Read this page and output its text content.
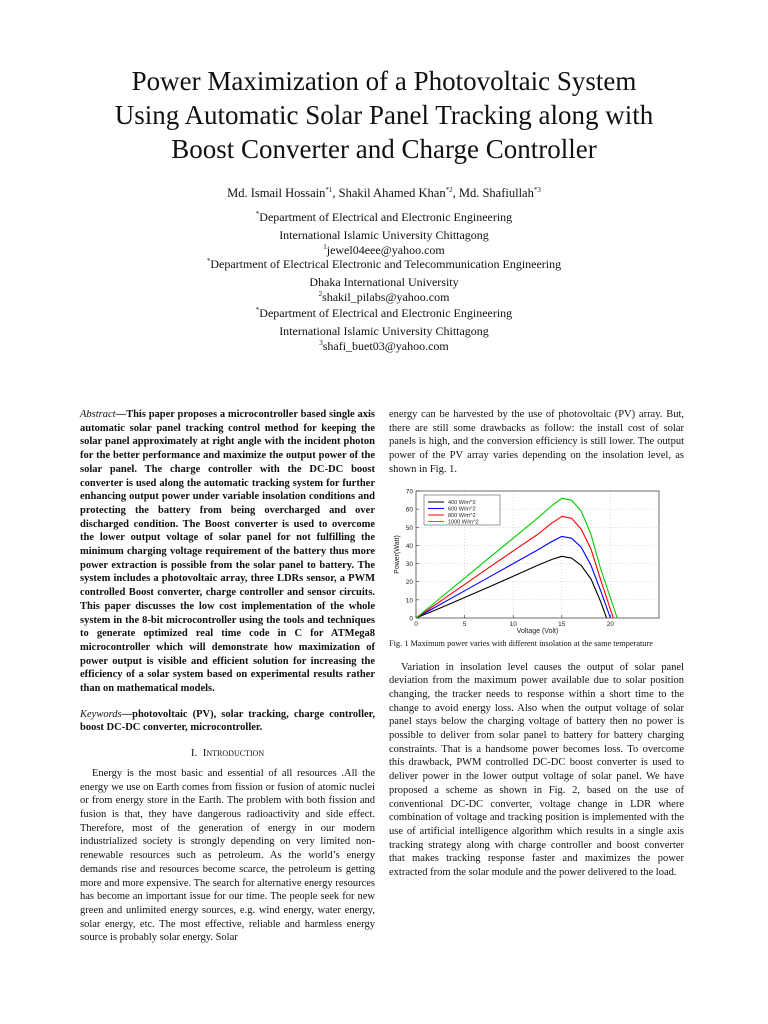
Power Maximization of a Photovoltaic System
Using Automatic Solar Panel Tracking along with
Boost Converter and Charge Controller
Md. Ismail Hossain$^{*1}$, Shakil Ahamed Khan$^{*2}$, Md. Shafiullah$^{*3}$
*Department of Electrical and Electronic Engineering
International Islamic University Chittagong
$^1$jewel04eee@yahoo.com
*Department of Electrical Electronic and Telecommunication Engineering
Dhaka International University
$^2$shakil_pilabs@yahoo.com
*Department of Electrical and Electronic Engineering
International Islamic University Chittagong
$^3$shafi_buet03@yahoo.com

Abstract—This paper proposes a microcontroller based single axis automatic solar panel tracking control method for keeping the solar panel approximately at right angle with the incident photon for the better performance and maximize the output power of the solar panel. The charge controller with the DC-DC boost converter is used along the automatic tracking system for further enhancing output power under variable insolation conditions and protecting the battery from being overcharged and over discharged condition. The Boost converter is used to overcome the lower output voltage of solar panel for not fulfilling the minimum charging voltage requirement of the battery thus more power extraction is possible from the solar panel to battery. The system includes a photovoltaic array, three LDRs sensor, a PWM controlled Boost converter, charge controller and sensor circuits. This paper discusses the low cost implementation of the whole system in the 8-bit microcontroller using the tools and techniques to generate optimized real time code in C for ATMega8 microcontroller which will demonstrate how maximization of power output is visible and efficient solution for increasing the efficiency of a solar system based on experimental results rather than on mathematical models.

Keywords—photovoltaic (PV), solar tracking, charge controller, boost DC-DC converter, microcontroller.

I. Introduction

Energy is the most basic and essential of all resources .All the energy we use on Earth comes from fission or fusion of atomic nuclei or from energy store in the Earth. The problem with both fission and fusion is that, they have dangerous radioactivity and side effect. Therefore, most of the generation of energy in our modern industrialized society is strongly depending on very limited non-renewable resources such as petroleum. As the world’s energy demands rise and resources become scarce, the petroleum is getting more and more expensive. The search for alternative energy resources has become an important issue for our time. The people seek for new green and unlimited energy sources, e.g. wind energy, water energy, solar energy, etc. The most effective, reliable and harmless energy source is probably solar energy. Solar

energy can be harvested by the use of photovoltaic (PV) array. But, there are still some drawbacks as follow: the install cost of solar panels is high, and the conversion efficiency is still lower. The output power of the PV array varies depending on the insolation level, as shown in Fig. 1.

0
10
20
30
40
50
60
70
0	5	10	15	20
Voltage (Volt)
Power(Watt)
400 W/m^2
600 W/m^2
800 W/m^2
1000 W/m^2

Fig. 1 Maximum power varies with different insolation at the same temperature

Variation in insolation level causes the output of solar panel deviation from the maximum power available due to solar position changing, the tracker needs to response within a short time to the change to avoid energy loss. Also when the output voltage of solar panel stays below the charging voltage of battery then no power is possible to deliver from solar panel to battery for battery charging constraints. That is a handsome power becomes loss. To overcome this drawback, PWM controlled DC-DC boost converter is used to deliver power in the lower output voltage of solar panel. We have proposed a scheme as shown in Fig. 2, based on the use of conventional DC-DC converter, voltage change in LDR where combination of voltage and tracking position is implemented with the use of artificial intelligence algorithm which results in a single axis tracking strategy along with charge controller and boost converter that makes tracking response faster and maximizes the power extracted from the solar module and the power delivered to the load.
